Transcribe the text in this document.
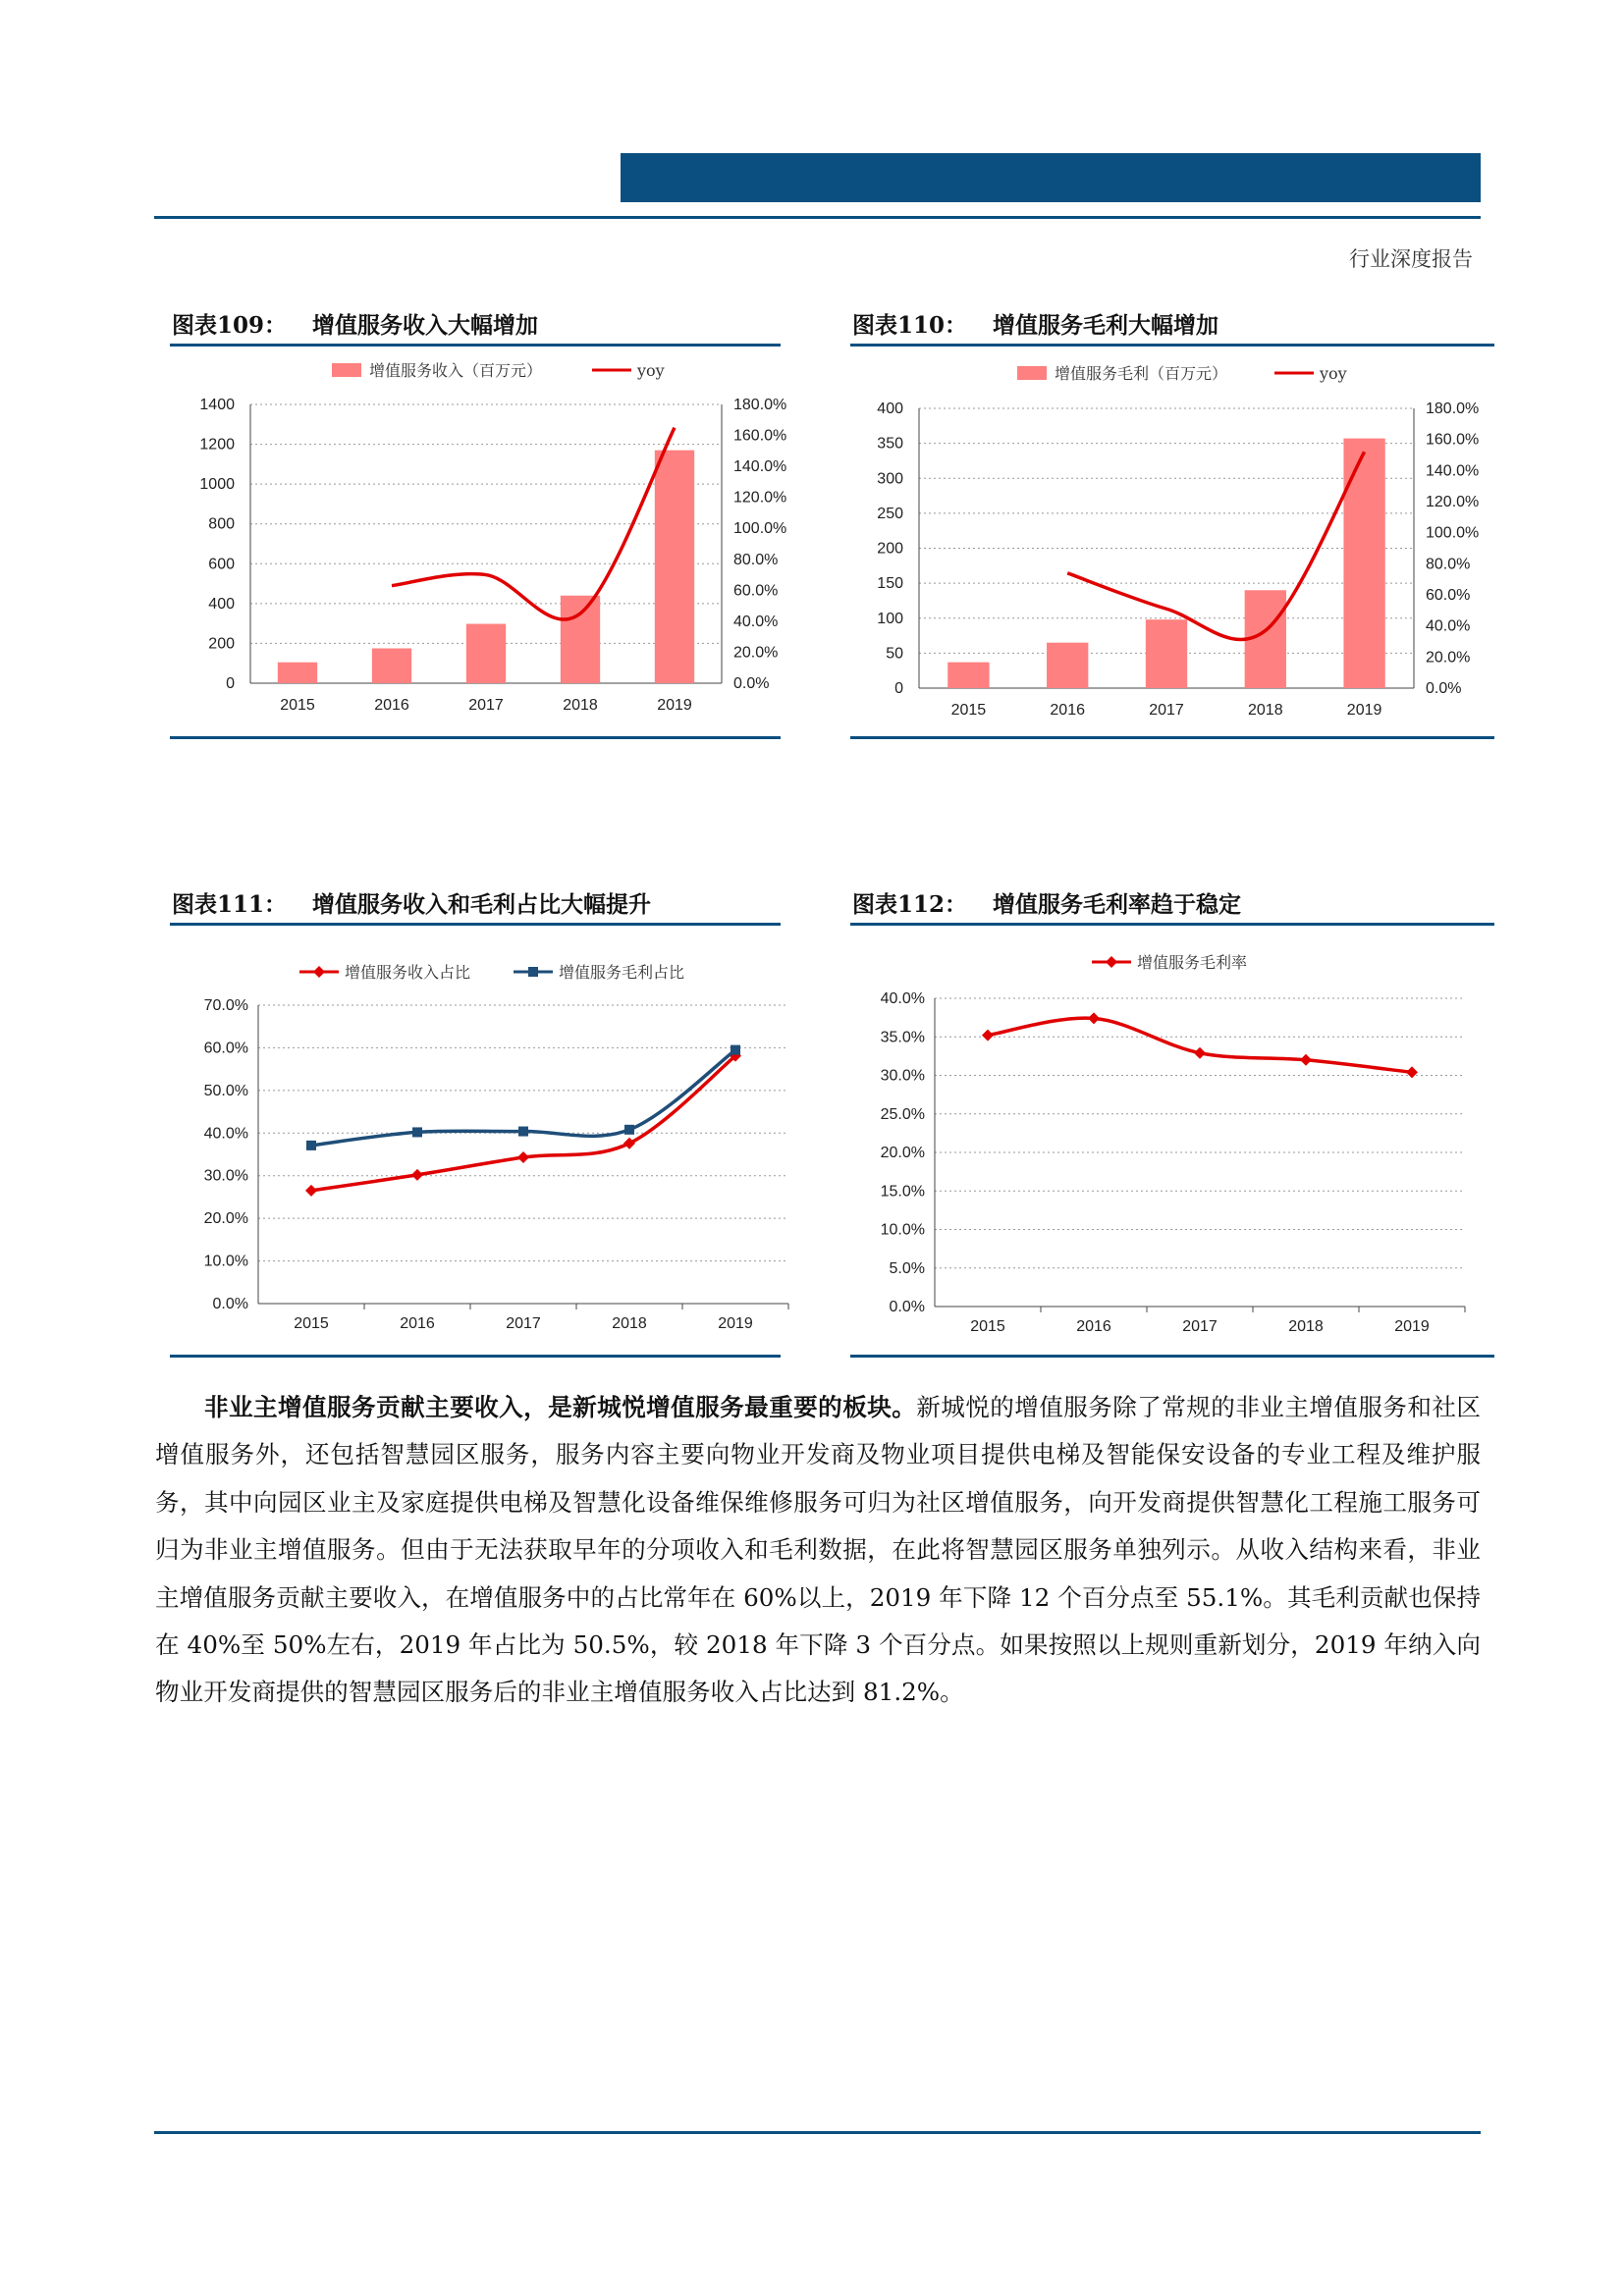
行业深度报告
图表109： 增值服务收入大幅增加
增值服务收入（百万元）	yoy
0
200
400
600
800
1000
1200
1400
0.0%
20.0%
40.0%
60.0%
80.0%
100.0%
120.0%
140.0%
160.0%
180.0%
2015	2016	2017	2018	2019
图表110： 增值服务毛利大幅增加
增值服务毛利（百万元）	yoy
0
50
100
150
200
250
300
350
400
0.0%
20.0%
40.0%
60.0%
80.0%
100.0%
120.0%
140.0%
160.0%
180.0%
2015	2016	2017	2018	2019
图表111： 增值服务收入和毛利占比大幅提升
增值服务收入占比	增值服务毛利占比
0.0%
10.0%
20.0%
30.0%
40.0%
50.0%
60.0%
70.0%
2015	2016	2017	2018	2019
图表112： 增值服务毛利率趋于稳定
增值服务毛利率
0.0%
5.0%
10.0%
15.0%
20.0%
25.0%
30.0%
35.0%
40.0%
2015	2016	2017	2018	2019

非业主增值服务贡献主要收入，是新城悦增值服务最重要的板块。新城悦的增值服务除了常规的非业主增值服务和社区增值服务外，还包括智慧园区服务，服务内容主要向物业开发商及物业项目提供电梯及智能保安设备的专业工程及维护服务，其中向园区业主及家庭提供电梯及智慧化设备维保维修服务可归为社区增值服务，向开发商提供智慧化工程施工服务可归为非业主增值服务。但由于无法获取早年的分项收入和毛利数据，在此将智慧园区服务单独列示。从收入结构来看，非业主增值服务贡献主要收入，在增值服务中的占比常年在 60%以上，2019 年下降 12 个百分点至 55.1%。其毛利贡献也保持在 40%至 50%左右，2019 年占比为 50.5%，较 2018 年下降 3 个百分点。如果按照以上规则重新划分，2019 年纳入向物业开发商提供的智慧园区服务后的非业主增值服务收入占比达到 81.2%。
